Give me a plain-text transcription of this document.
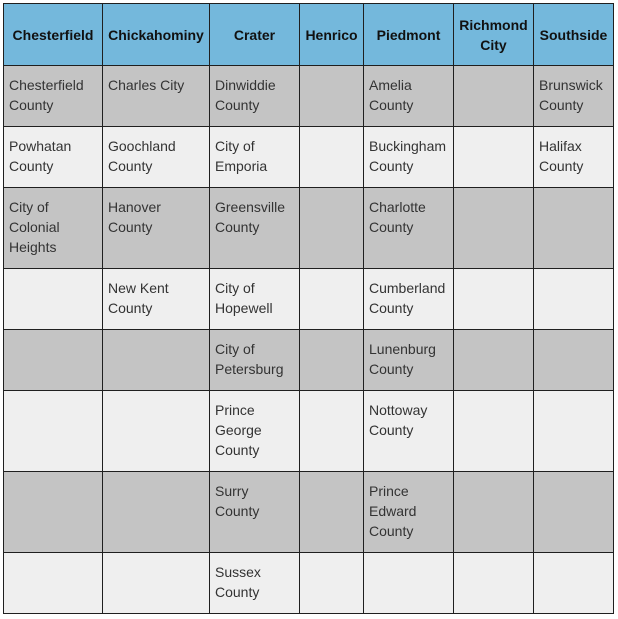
Chesterfield	Chickahominy	Crater	Henrico	Piedmont	Richmond City	Southside
Chesterfield County	Charles City	Dinwiddie County		Amelia County		Brunswick County
Powhatan County	Goochland County	City of Emporia		Buckingham County		Halifax County
City of Colonial Heights	Hanover County	Greensville County		Charlotte County		
	New Kent County	City of Hopewell		Cumberland County		
		City of Petersburg		Lunenburg County		
		Prince George County		Nottoway County		
		Surry County		Prince Edward County		
		Sussex County				
